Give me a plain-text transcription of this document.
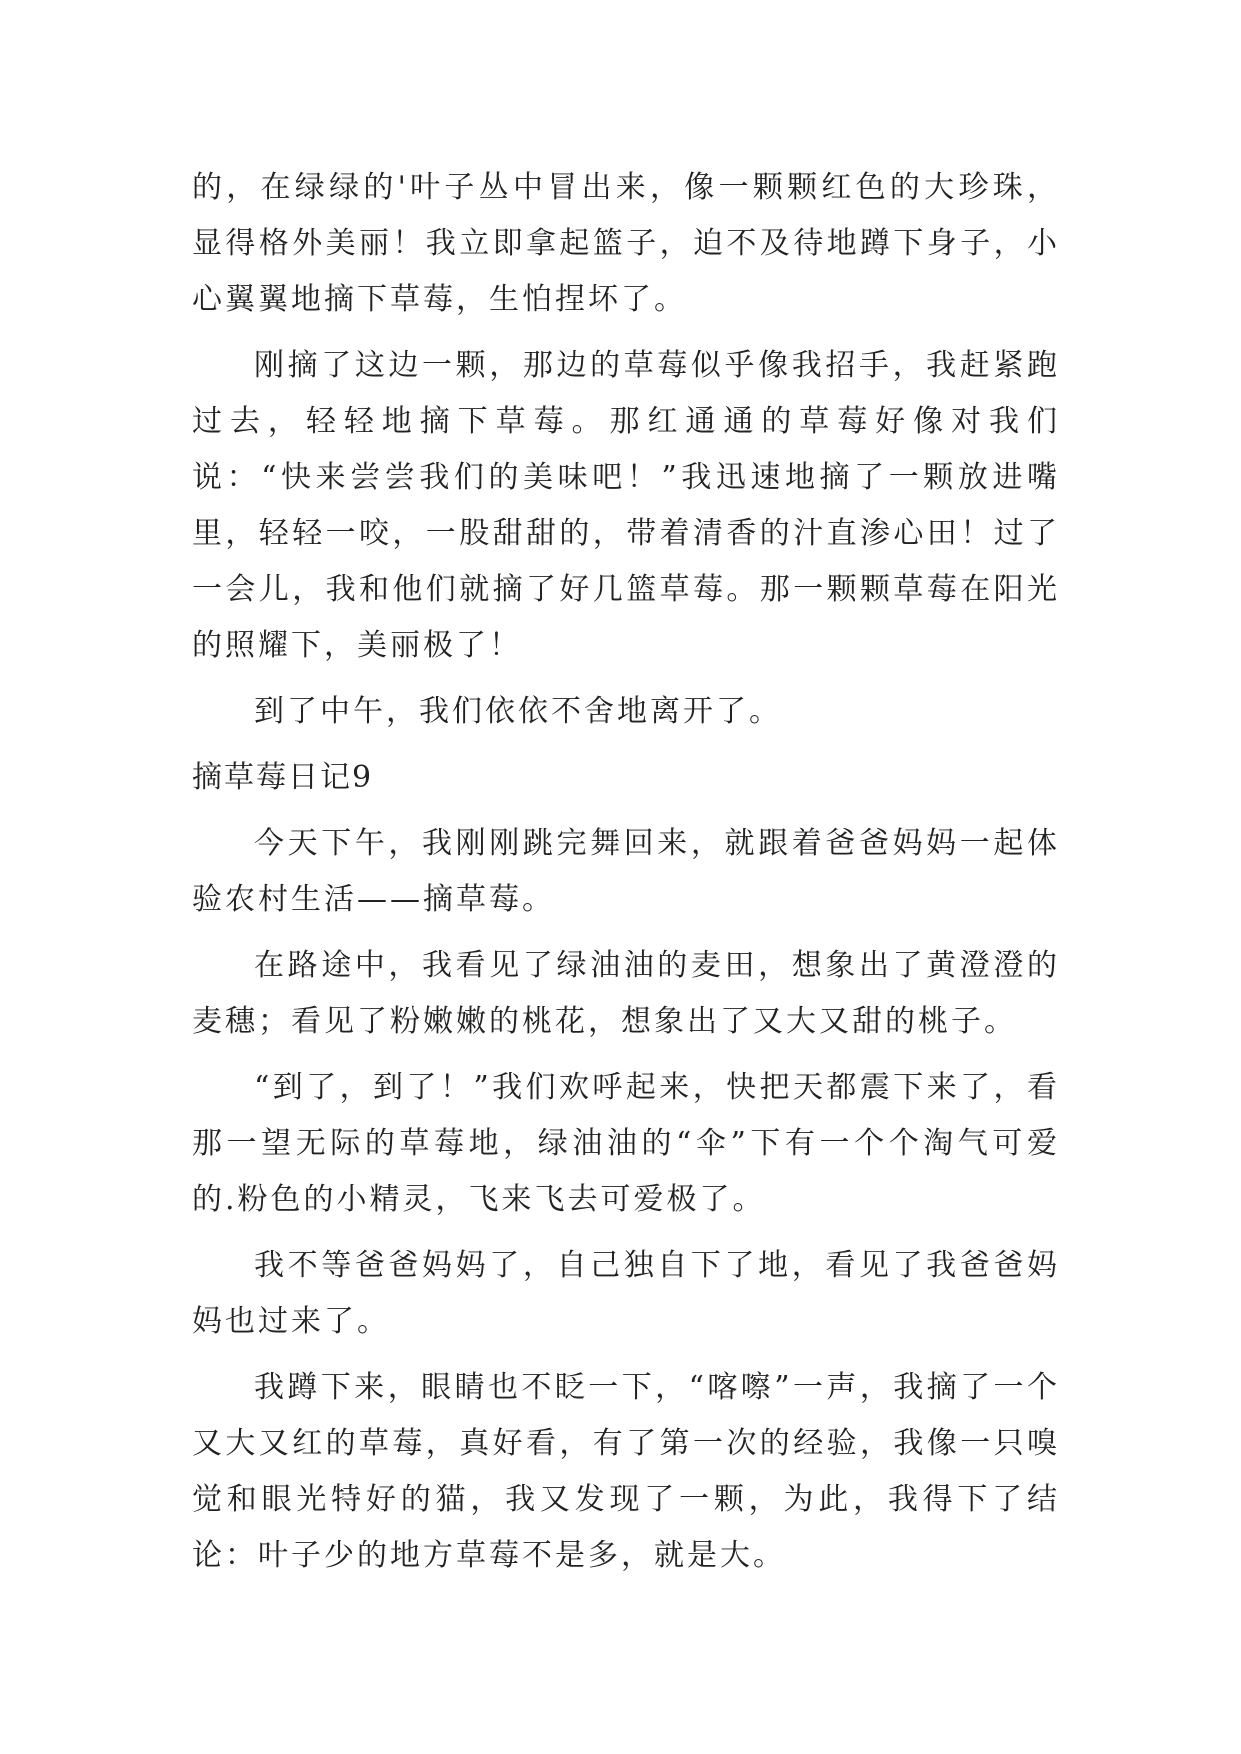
的，在绿绿的'叶子丛中冒出来，像一颗颗红色的大珍珠，显得格外美丽！我立即拿起篮子，迫不及待地蹲下身子，小心翼翼地摘下草莓，生怕捏坏了。

刚摘了这边一颗，那边的草莓似乎像我招手，我赶紧跑过去，轻轻地摘下草莓。那红通通的草莓好像对我们说：“快来尝尝我们的美味吧！”我迅速地摘了一颗放进嘴里，轻轻一咬，一股甜甜的，带着清香的汁直渗心田！过了一会儿，我和他们就摘了好几篮草莓。那一颗颗草莓在阳光的照耀下，美丽极了！

到了中午，我们依依不舍地离开了。

摘草莓日记9

今天下午，我刚刚跳完舞回来，就跟着爸爸妈妈一起体验农村生活——摘草莓。

在路途中，我看见了绿油油的麦田，想象出了黄澄澄的麦穗；看见了粉嫩嫩的桃花，想象出了又大又甜的桃子。

“到了，到了！”我们欢呼起来，快把天都震下来了，看那一望无际的草莓地，绿油油的“伞”下有一个个淘气可爱的.粉色的小精灵，飞来飞去可爱极了。

我不等爸爸妈妈了，自己独自下了地，看见了我爸爸妈妈也过来了。

我蹲下来，眼睛也不眨一下，“喀嚓”一声，我摘了一个又大又红的草莓，真好看，有了第一次的经验，我像一只嗅觉和眼光特好的猫，我又发现了一颗，为此，我得下了结论：叶子少的地方草莓不是多，就是大。
